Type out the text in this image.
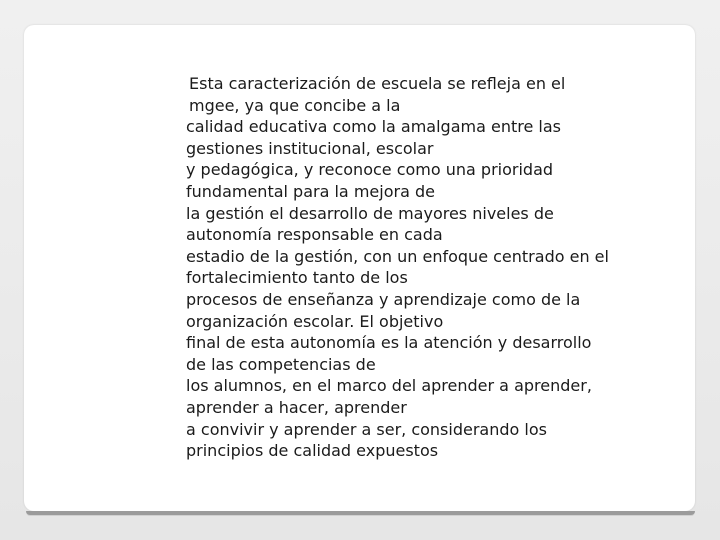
Esta caracterización de escuela se refleja en el
mgee, ya que concibe a la
calidad educativa como la amalgama entre las
gestiones institucional, escolar
y pedagógica, y reconoce como una prioridad
fundamental para la mejora de
la gestión el desarrollo de mayores niveles de
autonomía responsable en cada
estadio de la gestión, con un enfoque centrado en el
fortalecimiento tanto de los
procesos de enseñanza y aprendizaje como de la
organización escolar. El objetivo
final de esta autonomía es la atención y desarrollo
de las competencias de
los alumnos, en el marco del aprender a aprender,
aprender a hacer, aprender
a convivir y aprender a ser, considerando los
principios de calidad expuestos
